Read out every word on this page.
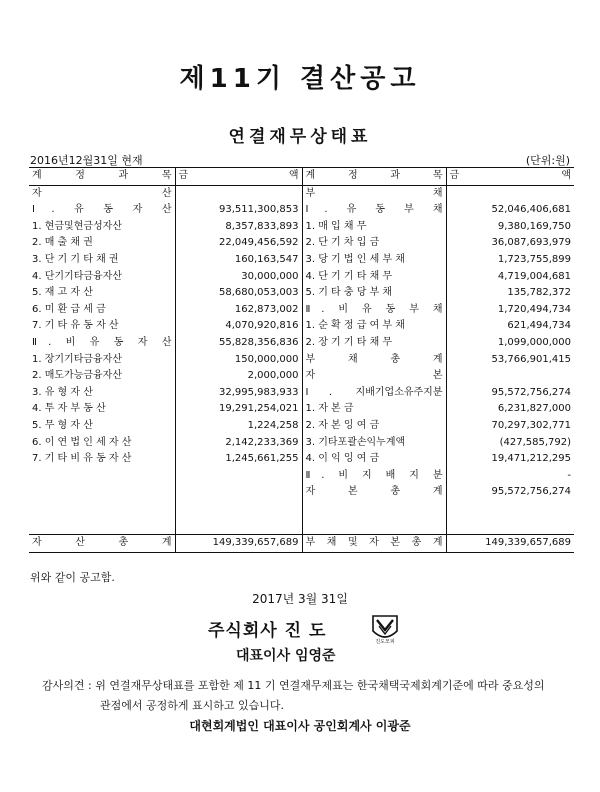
제11기 결산공고
연결재무상태표
2016년12월31일 현재	(단위:원)
계 정 과 목	금 액	계 정 과 목	금 액

자 산		부 채	
Ⅰ. 유 동 자 산	93,511,300,853	Ⅰ. 유 동 부 채	52,046,406,681
1. 현금및현금성자산	8,357,833,893	1. 매 입 채 무	9,380,169,750
2. 매 출 채 권	22,049,456,592	2. 단 기 차 입 금	36,087,693,979
3. 단 기 기 타 채 권	160,163,547	3. 당 기 법 인 세 부 채	1,723,755,899
4. 단기기타금융자산	30,000,000	4. 단 기 기 타 채 무	4,719,004,681
5. 재 고 자 산	58,680,053,003	5. 기 타 충 당 부 채	135,782,372
6. 미 환 급 세 금	162,873,002	Ⅱ. 비 유 동 부 채	1,720,494,734
7. 기 타 유 동 자 산	4,070,920,816	1. 순 확 정 급 여 부 채	621,494,734
Ⅱ. 비 유 동 자 산	55,828,356,836	2. 장 기 기 타 채 무	1,099,000,000
1. 장기기타금융자산	150,000,000	부 채 총 계	53,766,901,415
2. 매도가능금융자산	2,000,000	자 본	
3. 유 형 자 산	32,995,983,933	Ⅰ. 지배기업소유주지분	95,572,756,274
4. 투 자 부 동 산	19,291,254,021	1. 자 본 금	6,231,827,000
5. 무 형 자 산	1,224,258	2. 자 본 잉 여 금	70,297,302,771
6. 이 연 법 인 세 자 산	2,142,233,369	3. 기타포괄손익누계액	(427,585,792)
7. 기 타 비 유 동 자 산	1,245,661,255	4. 이 익 잉 여 금	19,471,212,295
		Ⅱ. 비 지 배 지 분	-
		자 본 총 계	95,572,756,274

자 산 총 계	149,339,657,689	부 채 및 자 본 총 계	149,339,657,689
위와 같이 공고함.
2017년 3월 31일
주식회사 진 도
진도모피
대표이사 임영준
감사의견 : 위 연결재무상태표를 포함한 제 11 기 연결재무제표는 한국채택국제회계기준에 따라 중요성의
관점에서 공정하게 표시하고 있습니다.
대현회계법인 대표이사 공인회계사 이광준
